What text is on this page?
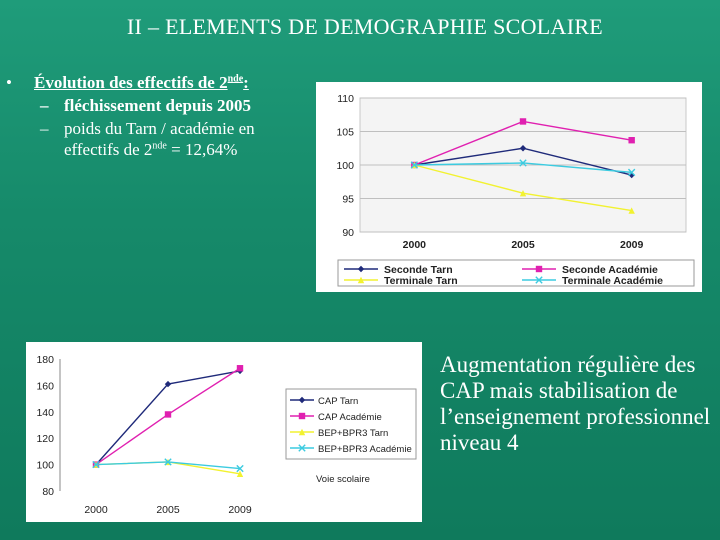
II – ELEMENTS DE DEMOGRAPHIE SCOLAIRE
• Évolution des effectifs de 2nde:
– fléchissement depuis 2005
– poids du Tarn / académie en effectifs de 2nde = 12,64%
90
95
100
105
110
2000	2005	2009
Seconde Tarn	Seconde Académie
Terminale Tarn	Terminale Académie
80
100
120
140
160
180
2000	2005	2009
CAP Tarn
CAP Académie
BEP+BPR3 Tarn
BEP+BPR3 Académie
Voie scolaire
Augmentation régulière des CAP mais stabilisation de l’enseignement professionnel niveau 4
